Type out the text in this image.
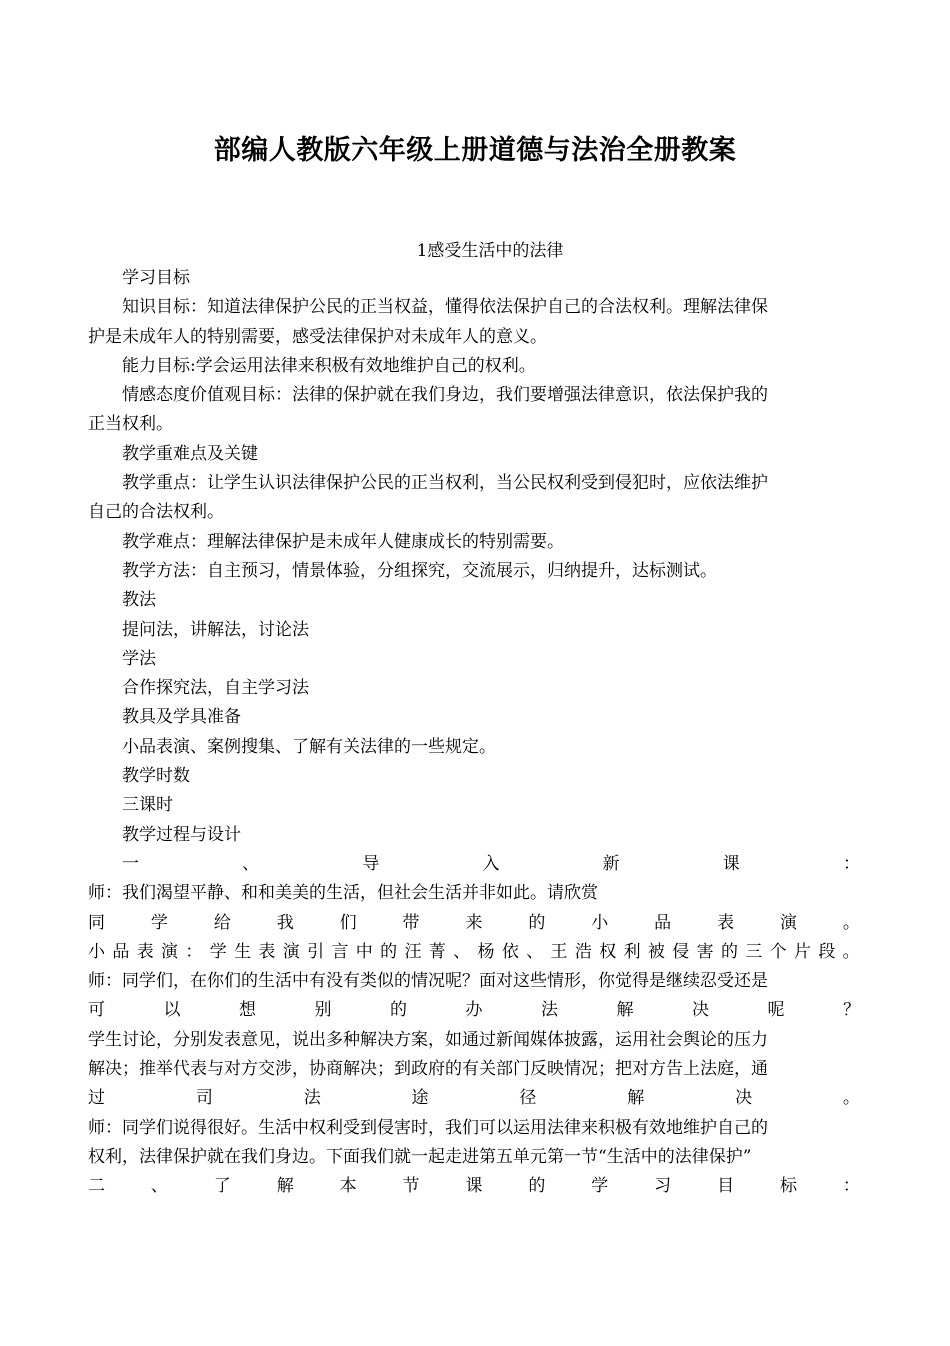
部编人教版六年级上册道德与法治全册教案
1感受生活中的法律
学习目标
知识目标：知道法律保护公民的正当权益，懂得依法保护自己的合法权利。理解法律保
护是未成年人的特别需要，感受法律保护对未成年人的意义。
能力目标:学会运用法律来积极有效地维护自己的权利。
情感态度价值观目标：法律的保护就在我们身边，我们要增强法律意识，依法保护我的
正当权利。
教学重难点及关键
教学重点：让学生认识法律保护公民的正当权利，当公民权利受到侵犯时，应依法维护
自己的合法权利。
教学难点：理解法律保护是未成年人健康成长的特别需要。
教学方法：自主预习，情景体验，分组探究，交流展示，归纳提升，达标测试。
教法
提问法，讲解法，讨论法
学法
合作探究法，自主学习法
教具及学具准备
小品表演、案例搜集、了解有关法律的一些规定。
教学时数
三课时
教学过程与设计
一	、	导	入	新	课	：
师：我们渴望平静、和和美美的生活，但社会生活并非如此。请欣赏
同	学	给	我	们	带	来	的	小	品	表	演	。
小 品 表 演 ： 学 生 表 演 引 言 中 的 汪 菁 、 杨 依 、 王 浩 权 利 被 侵 害 的 三 个 片 段 。
师：同学们，在你们的生活中有没有类似的情况呢？面对这些情形，你觉得是继续忍受还是
可	以	想	别	的	办	法	解	决	呢	？
学生讨论，分别发表意见，说出多种解决方案，如通过新闻媒体披露，运用社会舆论的压力
解决；推举代表与对方交涉，协商解决；到政府的有关部门反映情况；把对方告上法庭，通
过	司	法	途	径	解	决	。
师：同学们说得很好。生活中权利受到侵害时，我们可以运用法律来积极有效地维护自己的
权利，法律保护就在我们身边。下面我们就一起走进第五单元第一节“生活中的法律保护”
二	、	了	解	本	节	课	的	学	习	目	标	：
